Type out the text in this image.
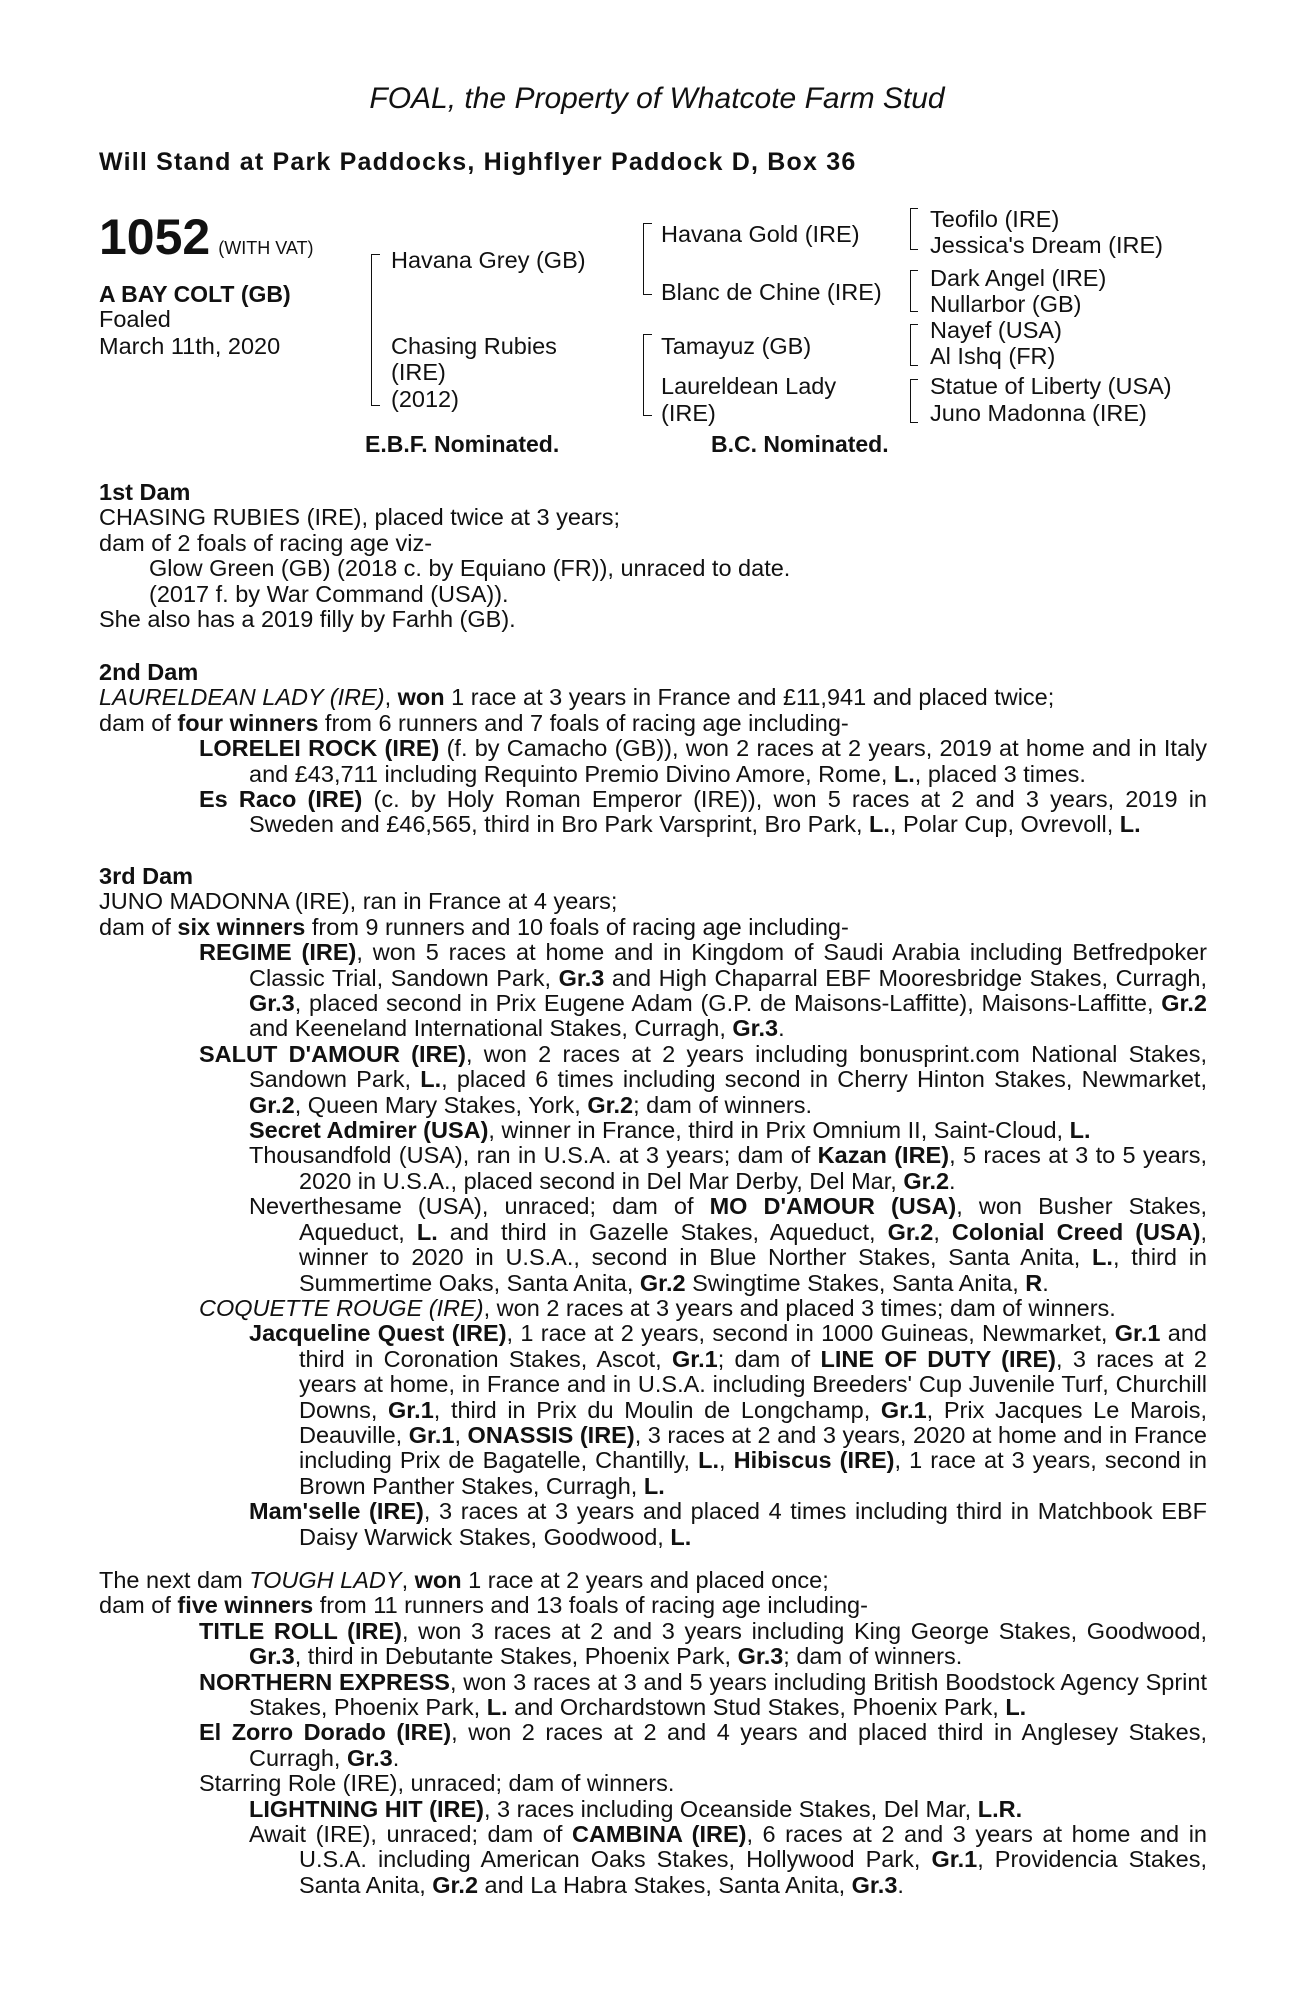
FOAL, the Property of Whatcote Farm Stud
Will Stand at Park Paddocks, Highflyer Paddock D, Box 36
1052 (WITH VAT)
A BAY COLT (GB)
Foaled
March 11th, 2020
Havana Grey (GB)
Chasing Rubies
(IRE)
(2012)
Havana Gold (IRE)
Blanc de Chine (IRE)
Tamayuz (GB)
Laureldean Lady
(IRE)
Teofilo (IRE)
Jessica's Dream (IRE)
Dark Angel (IRE)
Nullarbor (GB)
Nayef (USA)
Al Ishq (FR)
Statue of Liberty (USA)
Juno Madonna (IRE)
E.B.F. Nominated.	B.C. Nominated.

1st Dam

CHASING RUBIES (IRE), placed twice at 3 years;

dam of 2 foals of racing age viz-

Glow Green (GB) (2018 c. by Equiano (FR)), unraced to date.

(2017 f. by War Command (USA)).

She also has a 2019 filly by Farhh (GB).

2nd Dam

LAURELDEAN LADY (IRE), won 1 race at 3 years in France and £11,941 and placed twice;

dam of four winners from 6 runners and 7 foals of racing age including-

LORELEI ROCK (IRE) (f. by Camacho (GB)), won 2 races at 2 years, 2019 at home and in Italy and £43,711 including Requinto Premio Divino Amore, Rome, L., placed 3 times.

Es Raco (IRE) (c. by Holy Roman Emperor (IRE)), won 5 races at 2 and 3 years, 2019 in Sweden and £46,565, third in Bro Park Varsprint, Bro Park, L., Polar Cup, Ovrevoll, L.

3rd Dam

JUNO MADONNA (IRE), ran in France at 4 years;

dam of six winners from 9 runners and 10 foals of racing age including-

REGIME (IRE), won 5 races at home and in Kingdom of Saudi Arabia including Betfredpoker Classic Trial, Sandown Park, Gr.3 and High Chaparral EBF Mooresbridge Stakes, Curragh, Gr.3, placed second in Prix Eugene Adam (G.P. de Maisons-Laffitte), Maisons-Laffitte, Gr.2 and Keeneland International Stakes, Curragh, Gr.3.

SALUT D'AMOUR (IRE), won 2 races at 2 years including bonusprint.com National Stakes, Sandown Park, L., placed 6 times including second in Cherry Hinton Stakes, Newmarket, Gr.2, Queen Mary Stakes, York, Gr.2; dam of winners.

Secret Admirer (USA), winner in France, third in Prix Omnium II, Saint-Cloud, L.

Thousandfold (USA), ran in U.S.A. at 3 years; dam of Kazan (IRE), 5 races at 3 to 5 years, 2020 in U.S.A., placed second in Del Mar Derby, Del Mar, Gr.2.

Neverthesame (USA), unraced; dam of MO D'AMOUR (USA), won Busher Stakes, Aqueduct, L. and third in Gazelle Stakes, Aqueduct, Gr.2, Colonial Creed (USA), winner to 2020 in U.S.A., second in Blue Norther Stakes, Santa Anita, L., third in Summertime Oaks, Santa Anita, Gr.2 Swingtime Stakes, Santa Anita, R.

COQUETTE ROUGE (IRE), won 2 races at 3 years and placed 3 times; dam of winners.

Jacqueline Quest (IRE), 1 race at 2 years, second in 1000 Guineas, Newmarket, Gr.1 and third in Coronation Stakes, Ascot, Gr.1; dam of LINE OF DUTY (IRE), 3 races at 2 years at home, in France and in U.S.A. including Breeders' Cup Juvenile Turf, Churchill Downs, Gr.1, third in Prix du Moulin de Longchamp, Gr.1, Prix Jacques Le Marois, Deauville, Gr.1, ONASSIS (IRE), 3 races at 2 and 3 years, 2020 at home and in France including Prix de Bagatelle, Chantilly, L., Hibiscus (IRE), 1 race at 3 years, second in Brown Panther Stakes, Curragh, L.

Mam'selle (IRE), 3 races at 3 years and placed 4 times including third in Matchbook EBF Daisy Warwick Stakes, Goodwood, L.

The next dam TOUGH LADY, won 1 race at 2 years and placed once;

dam of five winners from 11 runners and 13 foals of racing age including-

TITLE ROLL (IRE), won 3 races at 2 and 3 years including King George Stakes, Goodwood, Gr.3, third in Debutante Stakes, Phoenix Park, Gr.3; dam of winners.

NORTHERN EXPRESS, won 3 races at 3 and 5 years including British Boodstock Agency Sprint Stakes, Phoenix Park, L. and Orchardstown Stud Stakes, Phoenix Park, L.

El Zorro Dorado (IRE), won 2 races at 2 and 4 years and placed third in Anglesey Stakes, Curragh, Gr.3.

Starring Role (IRE), unraced; dam of winners.

LIGHTNING HIT (IRE), 3 races including Oceanside Stakes, Del Mar, L.R.

Await (IRE), unraced; dam of CAMBINA (IRE), 6 races at 2 and 3 years at home and in U.S.A. including American Oaks Stakes, Hollywood Park, Gr.1, Providencia Stakes, Santa Anita, Gr.2 and La Habra Stakes, Santa Anita, Gr.3.
